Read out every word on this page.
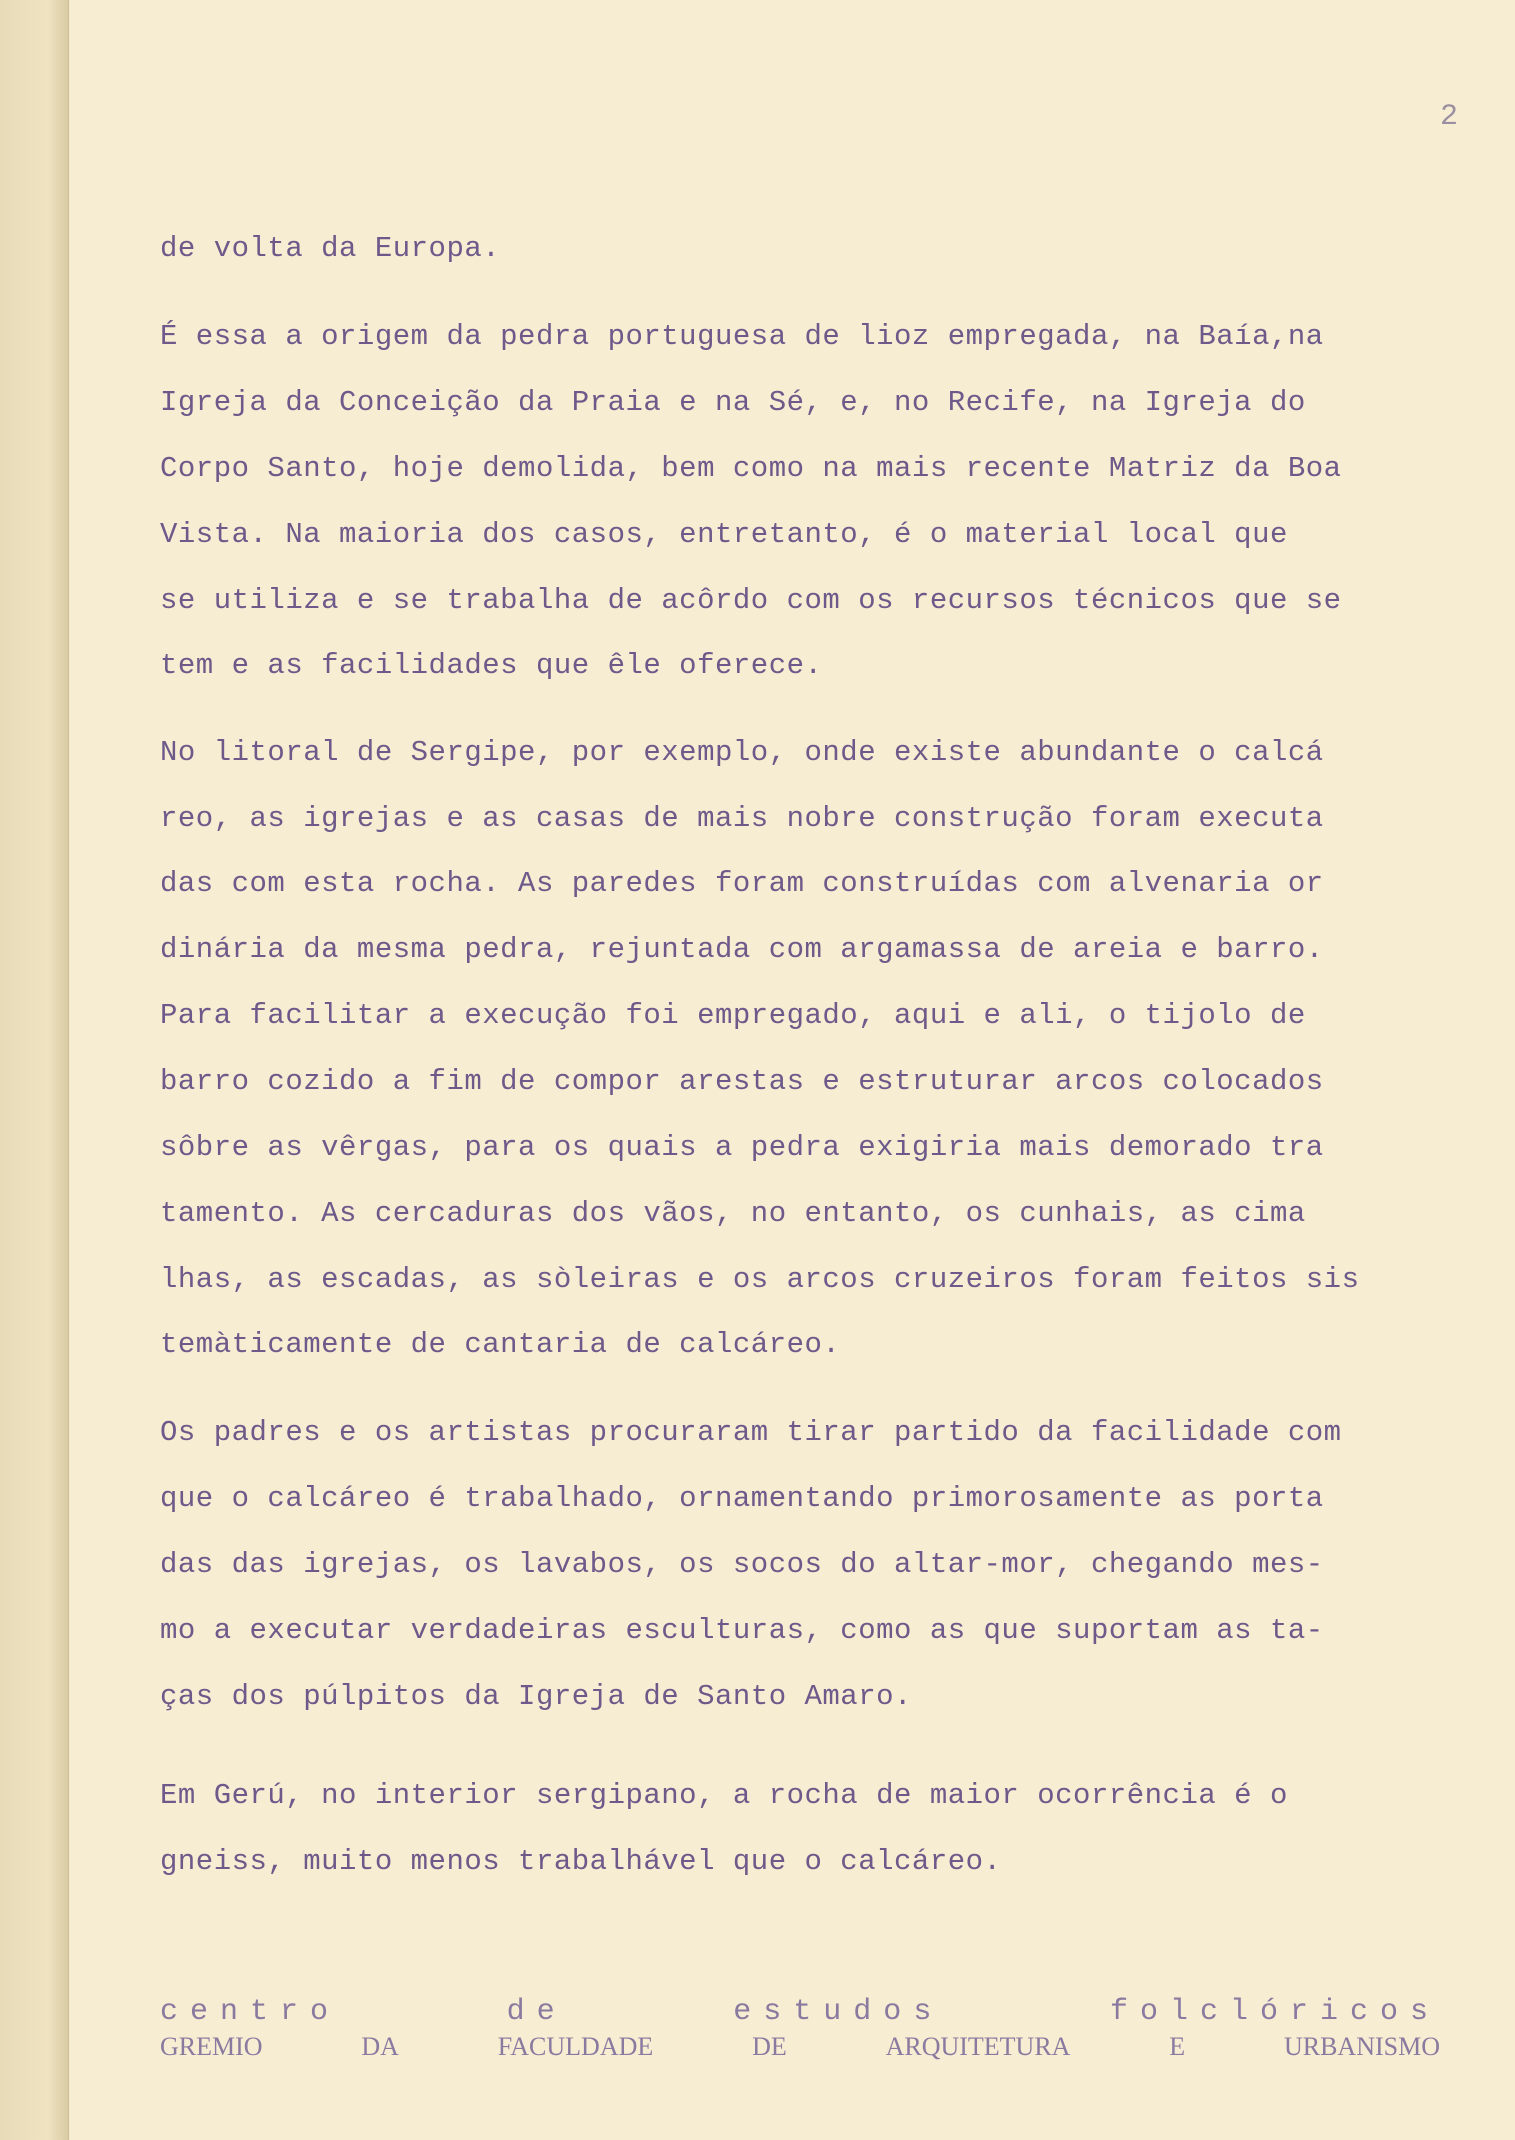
2
de volta da Europa.
É essa a origem da pedra portuguesa de lioz empregada, na Baía,na
Igreja da Conceição da Praia e na Sé, e, no Recife, na Igreja do
Corpo Santo, hoje demolida, bem como na mais recente Matriz da Boa
Vista. Na maioria dos casos, entretanto, é o material local que
se utiliza e se trabalha de acôrdo com os recursos técnicos que se
tem e as facilidades que êle oferece.
No litoral de Sergipe, por exemplo, onde existe abundante o calcá
reo, as igrejas e as casas de mais nobre construção foram executa
das com esta rocha. As paredes foram construídas com alvenaria or
dinária da mesma pedra, rejuntada com argamassa de areia e barro.
Para facilitar a execução foi empregado, aqui e ali, o tijolo de
barro cozido a fim de compor arestas e estruturar arcos colocados
sôbre as vêrgas, para os quais a pedra exigiria mais demorado tra
tamento. As cercaduras dos vãos, no entanto, os cunhais, as cima
lhas, as escadas, as sòleiras e os arcos cruzeiros foram feitos sis
temàticamente de cantaria de calcáreo.
Os padres e os artistas procuraram tirar partido da facilidade com
que o calcáreo é trabalhado, ornamentando primorosamente as porta
das das igrejas, os lavabos, os socos do altar-mor, chegando mes-
mo a executar verdadeiras esculturas, como as que suportam as ta-
ças dos púlpitos da Igreja de Santo Amaro.
Em Gerú, no interior sergipano, a rocha de maior ocorrência é o
gneiss, muito menos trabalhável que o calcáreo.
centro	de	estudos	folclóricos
GREMIO	DA	FACULDADE	DE	ARQUITETURA	E	URBANISMO
